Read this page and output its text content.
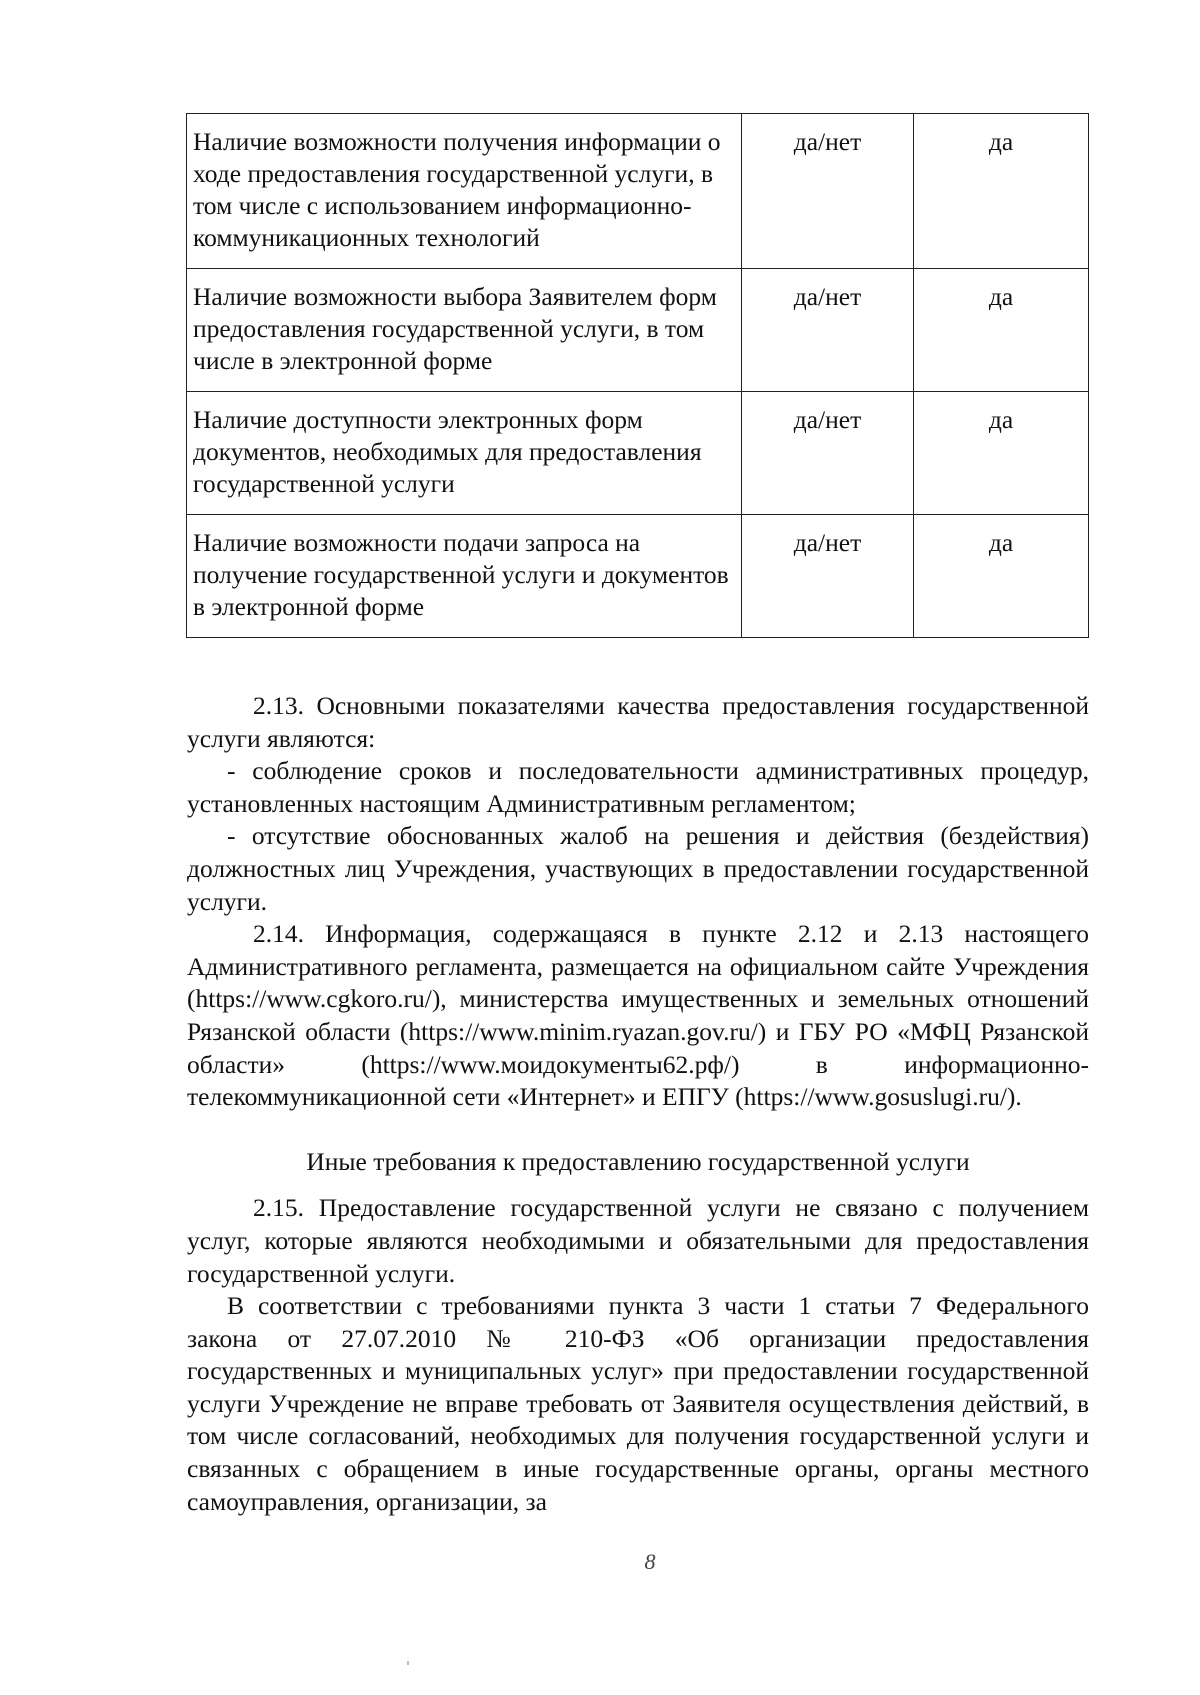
Наличие возможности получения информации о ходе предоставления государственной услуги, в том числе с использованием информационно-коммуникационных технологий	да/нет	да
Наличие возможности выбора Заявителем форм предоставления государственной услуги, в том числе в электронной форме	да/нет	да
Наличие доступности электронных форм документов, необходимых для предоставления государственной услуги	да/нет	да
Наличие возможности подачи запроса на получение государственной услуги и документов в электронной форме	да/нет	да

2.13. Основными показателями качества предоставления государственной услуги являются:

- соблюдение сроков и последовательности административных процедур, установленных настоящим Административным регламентом;

- отсутствие обоснованных жалоб на решения и действия (бездействия) должностных лиц Учреждения, участвующих в предоставлении государственной услуги.

2.14. Информация, содержащаяся в пункте 2.12 и 2.13 настоящего Административного регламента, размещается на официальном сайте Учреждения (https://www.cgkoro.ru/), министерства имущественных и земельных отношений Рязанской области (https://www.minim.ryazan.gov.ru/) и ГБУ РО «МФЦ Рязанской области» (https://www.моидокументы62.рф/) в информационно-телекоммуникационной сети «Интернет» и ЕПГУ (https://www.gosuslugi.ru/).

Иные требования к предоставлению государственной услуги

2.15. Предоставление государственной услуги не связано с получением услуг, которые являются необходимыми и обязательными для предоставления государственной услуги.

В соответствии с требованиями пункта 3 части 1 статьи 7 Федерального закона от 27.07.2010 № 210-ФЗ «Об организации предоставления государственных и муниципальных услуг» при предоставлении государственной услуги Учреждение не вправе требовать от Заявителя осуществления действий, в том числе согласований, необходимых для получения государственной услуги и связанных с обращением в иные государственные органы, органы местного самоуправления, организации, за

8
